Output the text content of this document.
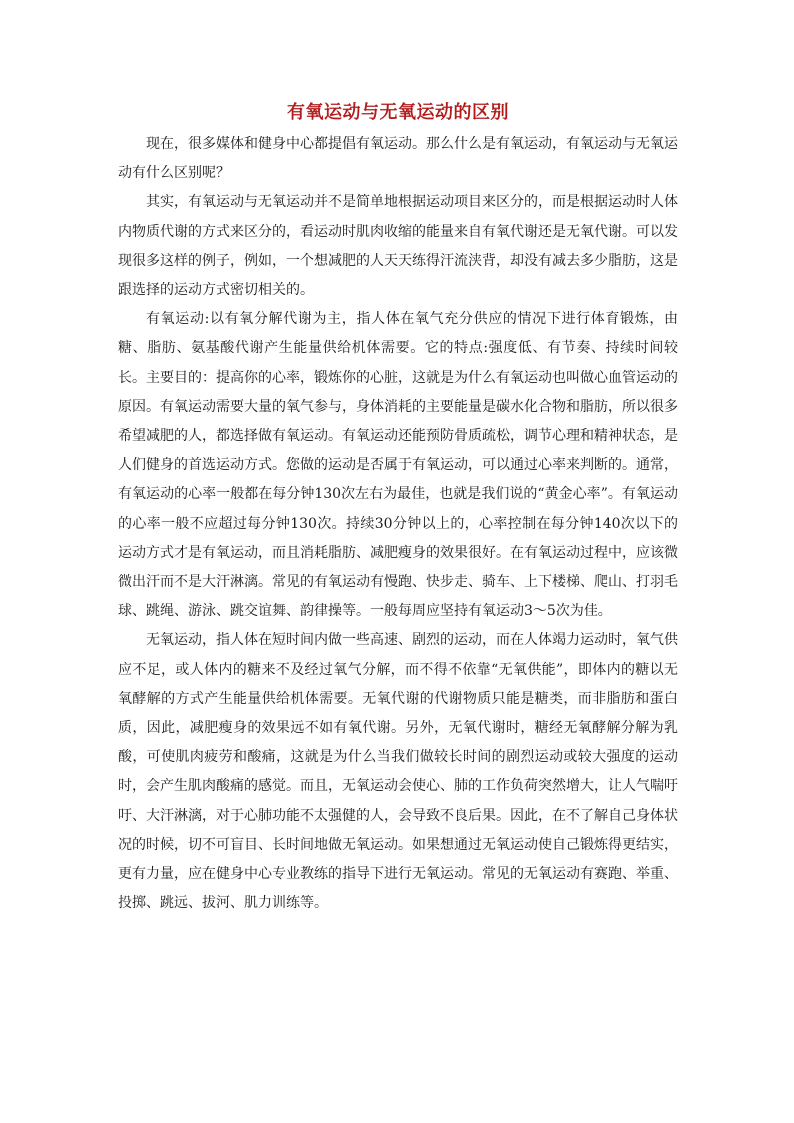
有氧运动与无氧运动的区别

现在，很多媒体和健身中心都提倡有氧运动。那么什么是有氧运动，有氧运动与无氧运动有什么区别呢？

其实，有氧运动与无氧运动并不是简单地根据运动项目来区分的，而是根据运动时人体内物质代谢的方式来区分的，看运动时肌肉收缩的能量来自有氧代谢还是无氧代谢。可以发现很多这样的例子，例如，一个想减肥的人天天练得汗流浃背，却没有减去多少脂肪，这是跟选择的运动方式密切相关的。

有氧运动:以有氧分解代谢为主，指人体在氧气充分供应的情况下进行体育锻炼，由糖、脂肪、氨基酸代谢产生能量供给机体需要。它的特点:强度低、有节奏、持续时间较长。主要目的：提高你的心率，锻炼你的心脏，这就是为什么有氧运动也叫做心血管运动的原因。有氧运动需要大量的氧气参与，身体消耗的主要能量是碳水化合物和脂肪，所以很多希望减肥的人，都选择做有氧运动。有氧运动还能预防骨质疏松，调节心理和精神状态，是人们健身的首选运动方式。您做的运动是否属于有氧运动，可以通过心率来判断的。通常，有氧运动的心率一般都在每分钟130次左右为最佳，也就是我们说的“黄金心率”。有氧运动的心率一般不应超过每分钟130次。持续30分钟以上的，心率控制在每分钟140次以下的运动方式才是有氧运动，而且消耗脂肪、减肥瘦身的效果很好。在有氧运动过程中，应该微微出汗而不是大汗淋漓。常见的有氧运动有慢跑、快步走、骑车、上下楼梯、爬山、打羽毛球、跳绳、游泳、跳交谊舞、韵律操等。一般每周应坚持有氧运动3～5次为佳。

无氧运动，指人体在短时间内做一些高速、剧烈的运动，而在人体竭力运动时，氧气供应不足，或人体内的糖来不及经过氧气分解，而不得不依靠“无氧供能”，即体内的糖以无氧酵解的方式产生能量供给机体需要。无氧代谢的代谢物质只能是糖类，而非脂肪和蛋白质，因此，减肥瘦身的效果远不如有氧代谢。另外，无氧代谢时，糖经无氧酵解分解为乳酸，可使肌肉疲劳和酸痛，这就是为什么当我们做较长时间的剧烈运动或较大强度的运动时，会产生肌肉酸痛的感觉。而且，无氧运动会使心、肺的工作负荷突然增大，让人气喘吁吁、大汗淋漓，对于心肺功能不太强健的人，会导致不良后果。因此，在不了解自己身体状况的时候，切不可盲目、长时间地做无氧运动。如果想通过无氧运动使自己锻炼得更结实，更有力量，应在健身中心专业教练的指导下进行无氧运动。常见的无氧运动有赛跑、举重、投掷、跳远、拔河、肌力训练等。
